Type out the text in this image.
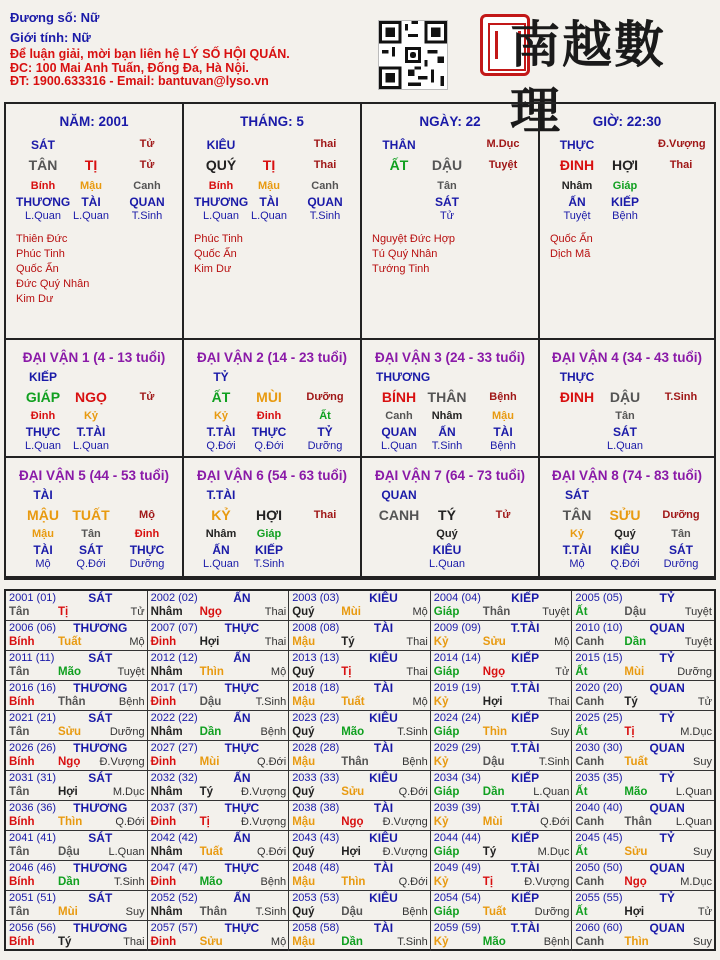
Đương số: Nữ
Giới tính: Nữ
Để luận giải, mời bạn liên hệ LÝ SỐ HỘI QUÁN.
ĐC: 100 Mai Anh Tuấn, Đống Đa, Hà Nội.
ĐT: 1900.633316 - Email: bantuvan@lyso.vn
南越數理
NĂM: 2001
SÁT	Tử
TÂN	TỊ	Tử
Bính	Mậu	Canh
THƯƠNG TÀI	QUAN
L.Quan	L.Quan	T.Sinh
Thiên Đức
Phúc Tinh
Quốc Ấn
Đức Quý Nhân
Kim Dư
THÁNG: 5
KIÊU	Thai
QUÝ	TỊ	Thai
Bính	Mậu	Canh
THƯƠNG TÀI	QUAN
L.Quan	L.Quan	T.Sinh
Phúc Tinh
Quốc Ấn
Kim Dư
NGÀY: 22
THÂN	M.Dục
ẤT	DẬU	Tuyệt
Tân
SÁT
Tử
Nguyệt Đức Hợp
Tú Quý Nhân
Tướng Tinh
GIỜ: 22:30
THỰC	Đ.Vượng
ĐINH	HỢI	Thai
Nhâm	Giáp
ẤN	KIẾP
Tuyệt	Bệnh
Quốc Ấn
Dịch Mã
ĐẠI VẬN 1 (4 - 13 tuổi)
KIẾP
GIÁP	NGỌ	Tử
Đinh	Kỷ
THỰC	T.TÀI
L.Quan	L.Quan
ĐẠI VẬN 2 (14 - 23 tuổi)
TỶ
ẤT	MÙI	Dưỡng
Kỷ	Đinh	Ất
T.TÀI	THỰC	TỶ
Q.Đới	Q.Đới	Dưỡng
ĐẠI VẬN 3 (24 - 33 tuổi)
THƯƠNG
BÍNH THÂN	Bệnh
Canh	Nhâm	Mậu
QUAN	ẤN	TÀI
L.Quan	T.Sinh	Bệnh
ĐẠI VẬN 4 (34 - 43 tuổi)
THỰC
ĐINH	DẬU	T.Sinh
Tân
SÁT
L.Quan
ĐẠI VẬN 5 (44 - 53 tuổi)
TÀI
MẬU TUẤT	Mộ
Mậu	Tân	Đinh
TÀI	SÁT	THỰC
Mộ	Q.Đới	Dưỡng
ĐẠI VẬN 6 (54 - 63 tuổi)
T.TÀI
KỶ	HỢI	Thai
Nhâm	Giáp
ẤN	KIẾP
L.Quan	T.Sinh
ĐẠI VẬN 7 (64 - 73 tuổi)
QUAN
CANH	TÝ	Tử
Quý
KIÊU
L.Quan
ĐẠI VẬN 8 (74 - 83 tuổi)
SÁT
TÂN	SỬU	Dưỡng
Kỷ	Quý	Tân
T.TÀI	KIÊU	SÁT
Mộ	Q.Đới	Dưỡng
2001 (01)	SÁT
Tân	Tị	Tử
2002 (02)	ẤN
Nhâm	Ngọ	Thai
2003 (03)	KIÊU
Quý	Mùi	Mộ
2004 (04)	KIẾP
Giáp	Thân	Tuyệt
2005 (05)	TỶ
Ất	Dậu	Tuyệt
2006 (06)	THƯƠNG
Bính	Tuất	Mộ
2007 (07)	THỰC
Đinh	Hợi	Thai
2008 (08)	TÀI
Mậu	Tý	Thai
2009 (09)	T.TÀI
Kỷ	Sửu	Mộ
2010 (10)	QUAN
Canh	Dần	Tuyệt
2011 (11)	SÁT
Tân	Mão	Tuyệt
2012 (12)	ẤN
Nhâm	Thìn	Mộ
2013 (13)	KIÊU
Quý	Tị	Thai
2014 (14)	KIẾP
Giáp	Ngọ	Tử
2015 (15)	TỶ
Ất	Mùi	Dưỡng
2016 (16)	THƯƠNG
Bính	Thân	Bệnh
2017 (17)	THỰC
Đinh	Dậu	T.Sinh
2018 (18)	TÀI
Mậu	Tuất	Mộ
2019 (19)	T.TÀI
Kỷ	Hợi	Thai
2020 (20)	QUAN
Canh	Tý	Tử
2021 (21)	SÁT
Tân	Sửu	Dưỡng
2022 (22)	ẤN
Nhâm	Dần	Bệnh
2023 (23)	KIÊU
Quý	Mão	T.Sinh
2024 (24)	KIẾP
Giáp	Thìn	Suy
2025 (25)	TỶ
Ất	Tị	M.Dục
2026 (26)	THƯƠNG
Bính	Ngọ	Đ.Vượng
2027 (27)	THỰC
Đinh	Mùi	Q.Đới
2028 (28)	TÀI
Mậu	Thân	Bệnh
2029 (29)	T.TÀI
Kỷ	Dậu	T.Sinh
2030 (30)	QUAN
Canh	Tuất	Suy
2031 (31)	SÁT
Tân	Hợi	M.Dục
2032 (32)	ẤN
Nhâm	Tý	Đ.Vượng
2033 (33)	KIÊU
Quý	Sửu	Q.Đới
2034 (34)	KIẾP
Giáp	Dần	L.Quan
2035 (35)	TỶ
Ất	Mão	L.Quan
2036 (36)	THƯƠNG
Bính	Thìn	Q.Đới
2037 (37)	THỰC
Đinh	Tị	Đ.Vượng
2038 (38)	TÀI
Mậu	Ngọ	Đ.Vượng
2039 (39)	T.TÀI
Kỷ	Mùi	Q.Đới
2040 (40)	QUAN
Canh	Thân	L.Quan
2041 (41)	SÁT
Tân	Dậu	L.Quan
2042 (42)	ẤN
Nhâm	Tuất	Q.Đới
2043 (43)	KIÊU
Quý	Hợi	Đ.Vượng
2044 (44)	KIẾP
Giáp	Tý	M.Dục
2045 (45)	TỶ
Ất	Sửu	Suy
2046 (46)	THƯƠNG
Bính	Dần	T.Sinh
2047 (47)	THỰC
Đinh	Mão	Bệnh
2048 (48)	TÀI
Mậu	Thìn	Q.Đới
2049 (49)	T.TÀI
Kỷ	Tị	Đ.Vượng
2050 (50)	QUAN
Canh	Ngọ	M.Dục
2051 (51)	SÁT
Tân	Mùi	Suy
2052 (52)	ẤN
Nhâm	Thân	T.Sinh
2053 (53)	KIÊU
Quý	Dậu	Bệnh
2054 (54)	KIẾP
Giáp	Tuất	Dưỡng
2055 (55)	TỶ
Ất	Hợi	Tử
2056 (56)	THƯƠNG
Bính	Tý	Thai
2057 (57)	THỰC
Đinh	Sửu	Mộ
2058 (58)	TÀI
Mậu	Dần	T.Sinh
2059 (59)	T.TÀI
Kỷ	Mão	Bệnh
2060 (60)	QUAN
Canh	Thìn	Suy
